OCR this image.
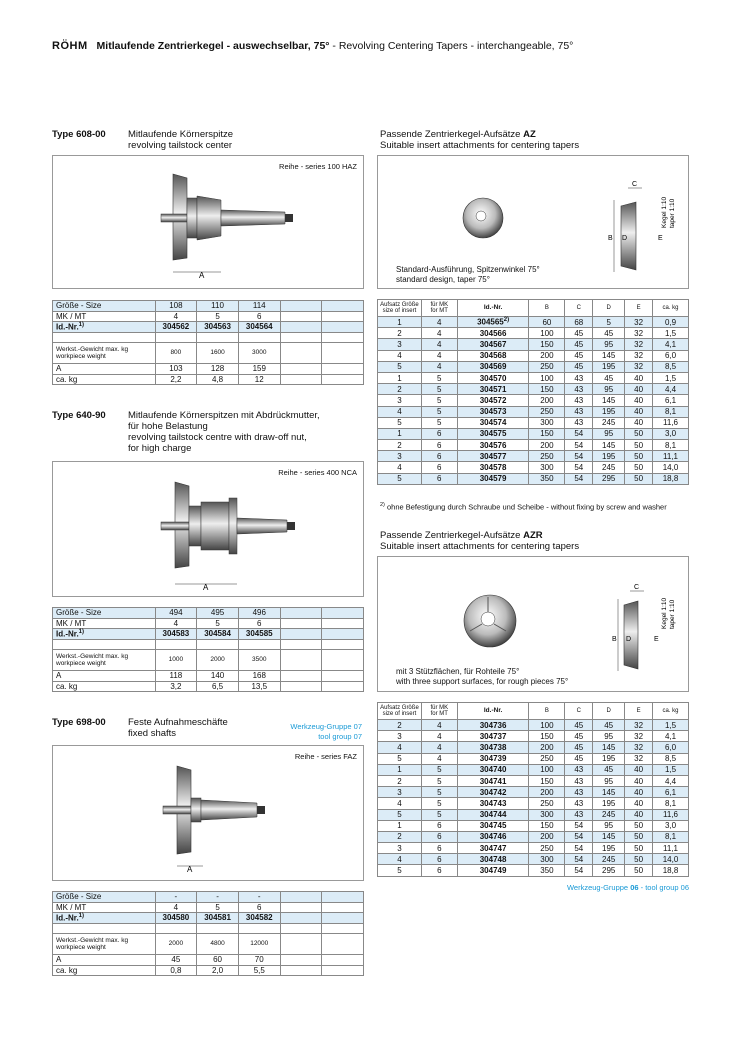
RÖHM Mitlaufende Zentrierkegel - auswechselbar, 75° - Revolving Centering Tapers - interchangeable, 75°
Type 608-00 Mitlaufende Körnerspitze
revolving tailstock center
Reihe - series 100 HAZ
A
Größe - Size	108	110	114		
MK / MT	4	5	6		
Id.-Nr.$^{1)}$	304562	304563	304564		

Werkst.-Gewicht max. kg
workpiece weight	800	1600	3000		
A	103	128	159		
ca. kg	2,2	4,8	12		
Type 640-90 Mitlaufende Körnerspitzen mit Abdrückmutter,
für hohe Belastung
revolving tailstock centre with draw-off nut,
for high charge
Reihe - series 400 NCA
A
Größe - Size	494	495	496		
MK / MT	4	5	6		
Id.-Nr.$^{1)}$	304583	304584	304585		

Werkst.-Gewicht max. kg
workpiece weight	1000	2000	3500		
A	118	140	168		
ca. kg	3,2	6,5	13,5		
Type 698-00 Feste Aufnahmeschäfte
fixed shafts
Werkzeug-Gruppe 07
tool group 07
Reihe - series FAZ
A
Größe - Size	-	-	-		
MK / MT	4	5	6		
Id.-Nr.$^{1)}$	304580	304581	304582		

Werkst.-Gewicht max. kg
workpiece weight	2000	4800	12000		
A	45	60	70		
ca. kg	0,8	2,0	5,5		
Passende Zentrierkegel-Aufsätze AZ
Suitable insert attachments for centering tapers
C
B D	E
Kegel 1:10 taper 1:10
Standard-Ausführung, Spitzenwinkel 75°
standard design, taper 75°
Aufsatz Größe
size of insert	für MK
for MT	Id.-Nr.	B	C	D	E	ca. kg
1	4	304565$^{2)}$	60	68	5	32	0,9
2	4	304566	100	45	45	32	1,5
3	4	304567	150	45	95	32	4,1
4	4	304568	200	45	145	32	6,0
5	4	304569	250	45	195	32	8,5
1	5	304570	100	43	45	40	1,5
2	5	304571	150	43	95	40	4,4
3	5	304572	200	43	145	40	6,1
4	5	304573	250	43	195	40	8,1
5	5	304574	300	43	245	40	11,6
1	6	304575	150	54	95	50	3,0
2	6	304576	200	54	145	50	8,1
3	6	304577	250	54	195	50	11,1
4	6	304578	300	54	245	50	14,0
5	6	304579	350	54	295	50	18,8
$^{2)}$ ohne Befestigung durch Schraube und Scheibe - without fixing by screw and washer
Passende Zentrierkegel-Aufsätze AZR
Suitable insert attachments for centering tapers
C
B D	E
Kegel 1:10 taper 1:10
mit 3 Stützflächen, für Rohteile 75°
with three support surfaces, for rough pieces 75°
Aufsatz Größe
size of insert	für MK
for MT	Id.-Nr.	B	C	D	E	ca. kg
2	4	304736	100	45	45	32	1,5
3	4	304737	150	45	95	32	4,1
4	4	304738	200	45	145	32	6,0
5	4	304739	250	45	195	32	8,5
1	5	304740	100	43	45	40	1,5
2	5	304741	150	43	95	40	4,4
3	5	304742	200	43	145	40	6,1
4	5	304743	250	43	195	40	8,1
5	5	304744	300	43	245	40	11,6
1	6	304745	150	54	95	50	3,0
2	6	304746	200	54	145	50	8,1
3	6	304747	250	54	195	50	11,1
4	6	304748	300	54	245	50	14,0
5	6	304749	350	54	295	50	18,8
Werkzeug-Gruppe 06 - tool group 06
